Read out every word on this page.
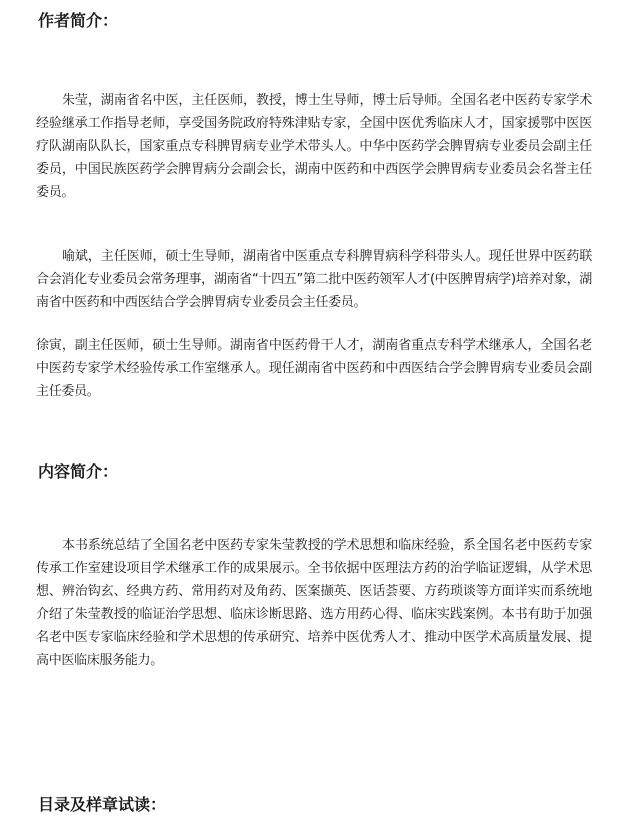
作者简介：

朱莹，湖南省名中医，主任医师，教授，博士生导师，博士后导师。全国名老中医药专家学术经验继承工作指导老师，享受国务院政府特殊津贴专家，全国中医优秀临床人才，国家援鄂中医医疗队湖南队队长，国家重点专科脾胃病专业学术带头人。中华中医药学会脾胃病专业委员会副主任委员，中国民族医药学会脾胃病分会副会长，湖南中医药和中西医学会脾胃病专业委员会名誉主任委员。

喻斌，主任医师，硕士生导师，湖南省中医重点专科脾胃病科学科带头人。现任世界中医药联合会消化专业委员会常务理事，湖南省“十四五”第二批中医药领军人才(中医脾胃病学)培养对象，湖南省中医药和中西医结合学会脾胃病专业委员会主任委员。

徐寅，副主任医师，硕士生导师。湖南省中医药骨干人才，湖南省重点专科学术继承人，全国名老中医药专家学术经验传承工作室继承人。现任湖南省中医药和中西医结合学会脾胃病专业委员会副主任委员。

内容简介：

本书系统总结了全国名老中医药专家朱莹教授的学术思想和临床经验，系全国名老中医药专家传承工作室建设项目学术继承工作的成果展示。全书依据中医理法方药的治学临证逻辑，从学术思想、辨治钩玄、经典方药、常用药对及角药、医案撷英、医话荟要、方药琐谈等方面详实而系统地介绍了朱莹教授的临证治学思想、临床诊断思路、选方用药心得、临床实践案例。本书有助于加强名老中医专家临床经验和学术思想的传承研究、培养中医优秀人才、推动中医学术高质量发展、提高中医临床服务能力。

目录及样章试读：
